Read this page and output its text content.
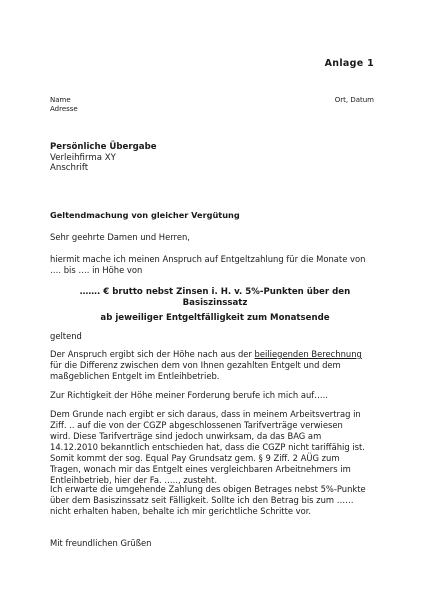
Anlage 1
Name
Adresse
Ort, Datum
Persönliche Übergabe
Verleihfirma XY
Anschrift
Geltendmachung von gleicher Vergütung
Sehr geehrte Damen und Herren,
hiermit mache ich meinen Anspruch auf Entgeltzahlung für die Monate von
…. bis …. in Höhe von
……. € brutto nebst Zinsen i. H. v. 5%-Punkten über den
Basiszinssatz
ab jeweiliger Entgeltfälligkeit zum Monatsende
geltend
Der Anspruch ergibt sich der Höhe nach aus der beiliegenden Berechnung
für die Differenz zwischen dem von Ihnen gezahlten Entgelt und dem
maßgeblichen Entgelt im Entleihbetrieb.
Zur Richtigkeit der Höhe meiner Forderung berufe ich mich auf…..
Dem Grunde nach ergibt er sich daraus, dass in meinem Arbeitsvertrag in
Ziff. .. auf die von der CGZP abgeschlossenen Tarifverträge verwiesen
wird. Diese Tarifverträge sind jedoch unwirksam, da das BAG am
14.12.2010 bekanntlich entschieden hat, dass die CGZP nicht tariffähig ist.
Somit kommt der sog. Equal Pay Grundsatz gem. § 9 Ziff. 2 AÜG zum
Tragen, wonach mir das Entgelt eines vergleichbaren Arbeitnehmers im
Entleihbetrieb, hier der Fa. ….., zusteht.
Ich erwarte die umgehende Zahlung des obigen Betrages nebst 5%-Punkte
über dem Basiszinssatz seit Fälligkeit. Sollte ich den Betrag bis zum ……
nicht erhalten haben, behalte ich mir gerichtliche Schritte vor.
Mit freundlichen Grüßen
